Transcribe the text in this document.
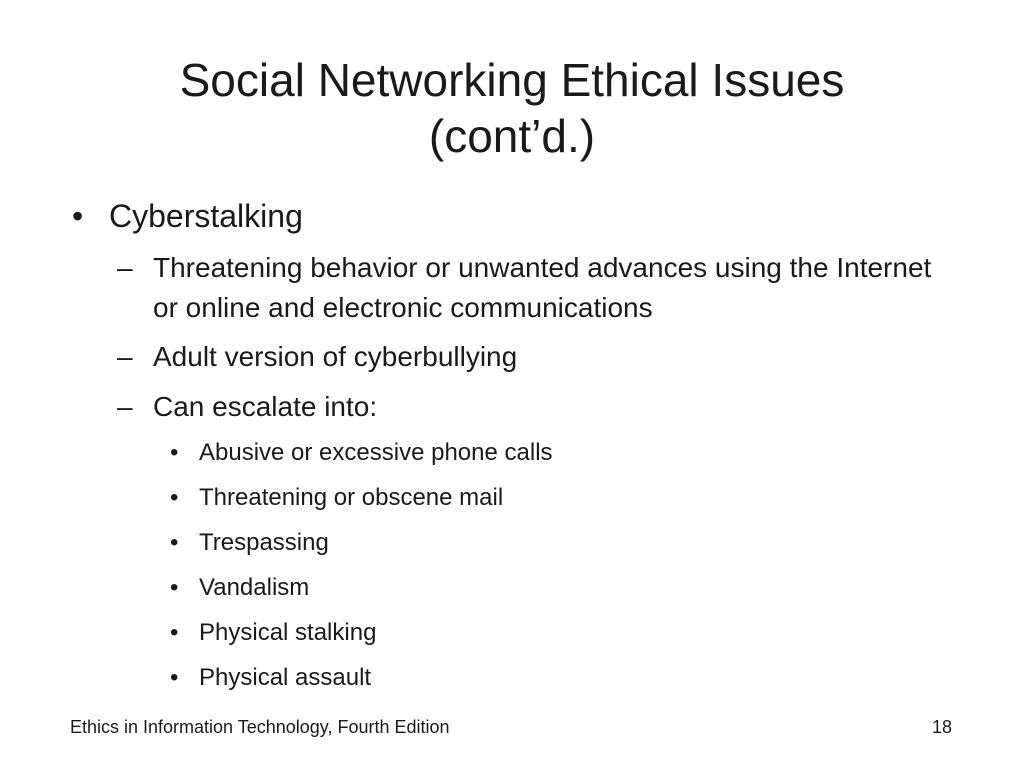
Social Networking Ethical Issues
(cont’d.)
• Cyberstalking
– Threatening behavior or unwanted advances using the Internet or online and electronic communications
– Adult version of cyberbullying
– Can escalate into:
• Abusive or excessive phone calls
• Threatening or obscene mail
• Trespassing
• Vandalism
• Physical stalking
• Physical assault
Ethics in Information Technology, Fourth Edition	18
